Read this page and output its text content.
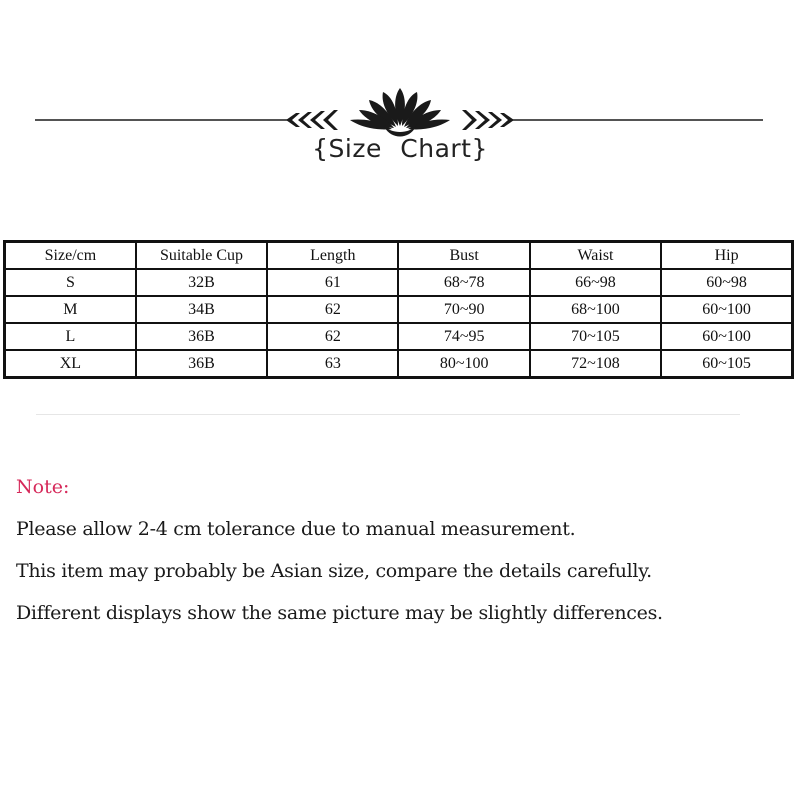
{Size Chart}
Size/cm	Suitable Cup	Length	Bust	Waist	Hip
S	32B	61	68~78	66~98	60~98
M	34B	62	70~90	68~100	60~100
L	36B	62	74~95	70~105	60~100
XL	36B	63	80~100	72~108	60~105
Note:
Please allow 2-4 cm tolerance due to manual measurement.
This item may probably be Asian size, compare the details carefully.
Different displays show the same picture may be slightly differences.
